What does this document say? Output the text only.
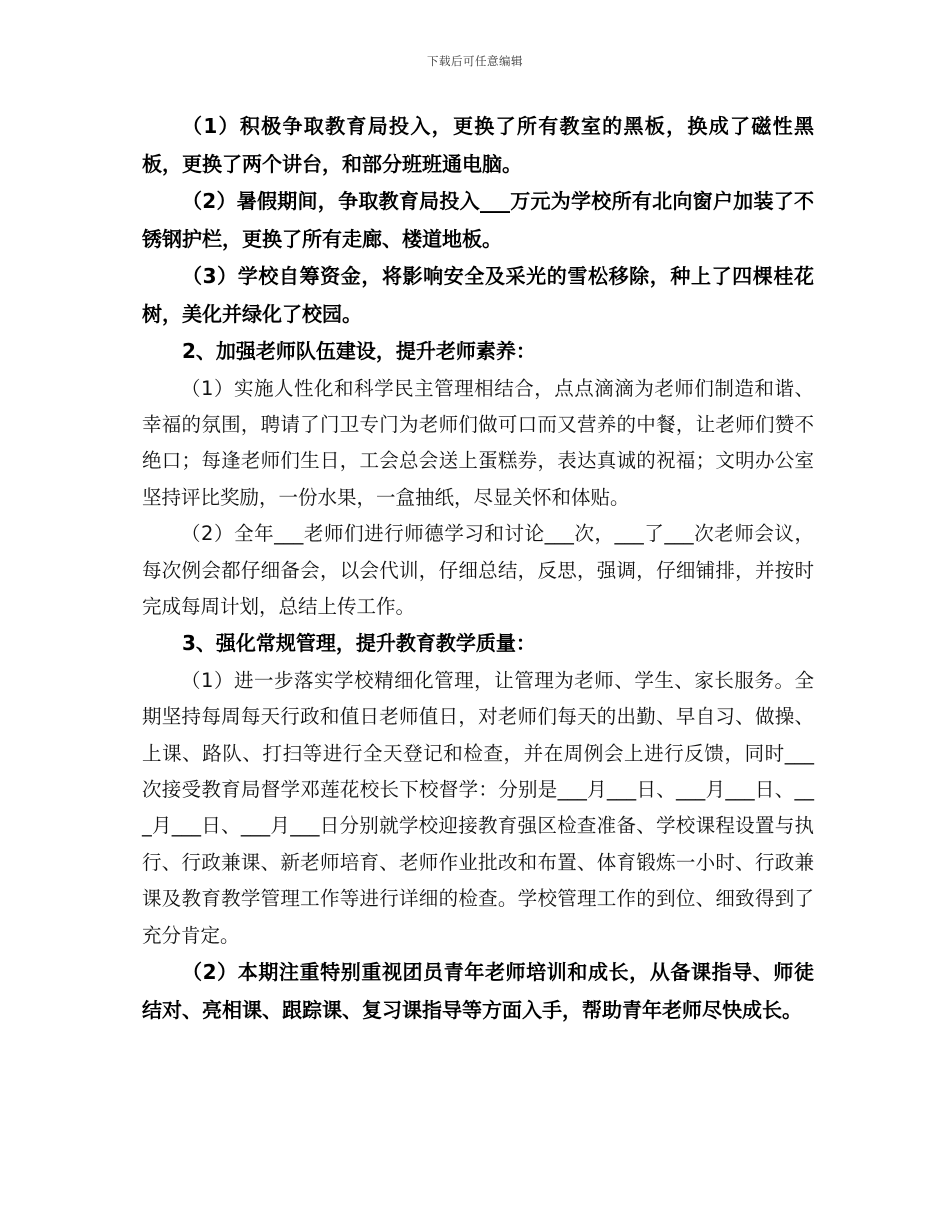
下载后可任意编辑

（1）积极争取教育局投入，更换了所有教室的黑板，换成了磁性黑板，更换了两个讲台，和部分班班通电脑。

（2）暑假期间，争取教育局投入___万元为学校所有北向窗户加装了不锈钢护栏，更换了所有走廊、楼道地板。

（3）学校自筹资金，将影响安全及采光的雪松移除，种上了四棵桂花树，美化并绿化了校园。

2、加强老师队伍建设，提升老师素养：

（1）实施人性化和科学民主管理相结合，点点滴滴为老师们制造和谐、幸福的氛围，聘请了门卫专门为老师们做可口而又营养的中餐，让老师们赞不绝口；每逢老师们生日，工会总会送上蛋糕券，表达真诚的祝福；文明办公室坚持评比奖励，一份水果，一盒抽纸，尽显关怀和体贴。

（2）全年___老师们进行师德学习和讨论___次，___了___次老师会议，每次例会都仔细备会，以会代训，仔细总结，反思，强调，仔细铺排，并按时完成每周计划，总结上传工作。

3、强化常规管理，提升教育教学质量：

（1）进一步落实学校精细化管理，让管理为老师、学生、家长服务。全期坚持每周每天行政和值日老师值日，对老师们每天的出勤、早自习、做操、上课、路队、打扫等进行全天登记和检查，并在周例会上进行反馈，同时___次接受教育局督学邓莲花校长下校督学：分别是___月___日、___月___日、___月___日、___月___日分别就学校迎接教育强区检查准备、学校课程设置与执行、行政兼课、新老师培育、老师作业批改和布置、体育锻炼一小时、行政兼课及教育教学管理工作等进行详细的检查。学校管理工作的到位、细致得到了充分肯定。

（2）本期注重特别重视团员青年老师培训和成长，从备课指导、师徒结对、亮相课、跟踪课、复习课指导等方面入手，帮助青年老师尽快成长。
